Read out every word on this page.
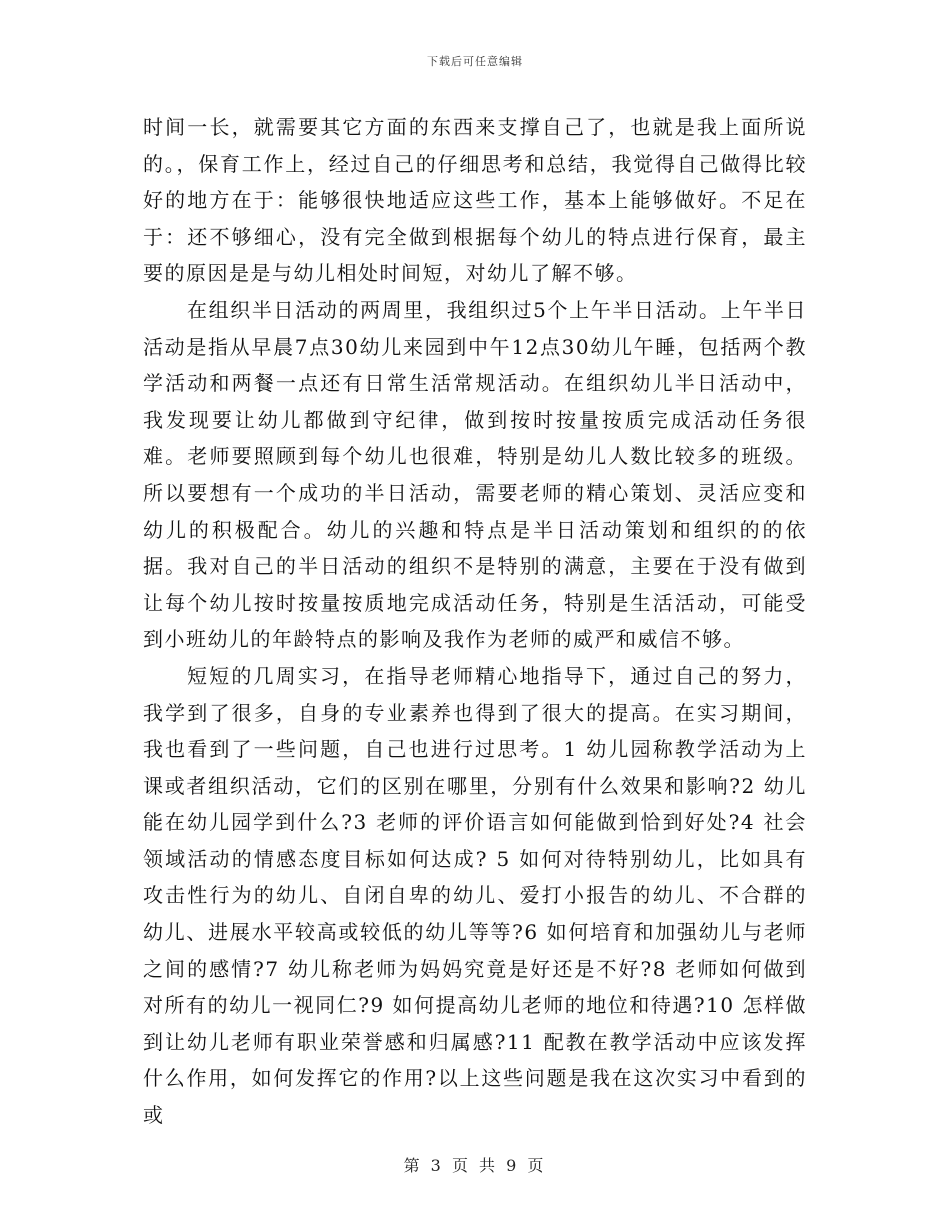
下载后可任意编辑

时间一长，就需要其它方面的东西来支撑自己了，也就是我上面所说的。，保育工作上，经过自己的仔细思考和总结，我觉得自己做得比较好的地方在于：能够很快地适应这些工作，基本上能够做好。不足在于：还不够细心，没有完全做到根据每个幼儿的特点进行保育，最主要的原因是是与幼儿相处时间短，对幼儿了解不够。

在组织半日活动的两周里，我组织过5个上午半日活动。上午半日活动是指从早晨7点30幼儿来园到中午12点30幼儿午睡，包括两个教学活动和两餐一点还有日常生活常规活动。在组织幼儿半日活动中，我发现要让幼儿都做到守纪律，做到按时按量按质完成活动任务很难。老师要照顾到每个幼儿也很难，特别是幼儿人数比较多的班级。所以要想有一个成功的半日活动，需要老师的精心策划、灵活应变和幼儿的积极配合。幼儿的兴趣和特点是半日活动策划和组织的的依据。我对自己的半日活动的组织不是特别的满意，主要在于没有做到让每个幼儿按时按量按质地完成活动任务，特别是生活活动，可能受到小班幼儿的年龄特点的影响及我作为老师的威严和威信不够。

短短的几周实习，在指导老师精心地指导下，通过自己的努力，我学到了很多，自身的专业素养也得到了很大的提高。在实习期间，我也看到了一些问题，自己也进行过思考。1 幼儿园称教学活动为上课或者组织活动，它们的区别在哪里，分别有什么效果和影响?2 幼儿能在幼儿园学到什么?3 老师的评价语言如何能做到恰到好处?4 社会领域活动的情感态度目标如何达成? 5 如何对待特别幼儿，比如具有攻击性行为的幼儿、自闭自卑的幼儿、爱打小报告的幼儿、不合群的幼儿、进展水平较高或较低的幼儿等等?6 如何培育和加强幼儿与老师之间的感情?7 幼儿称老师为妈妈究竟是好还是不好?8 老师如何做到对所有的幼儿一视同仁?9 如何提高幼儿老师的地位和待遇?10 怎样做到让幼儿老师有职业荣誉感和归属感?11 配教在教学活动中应该发挥什么作用，如何发挥它的作用?以上这些问题是我在这次实习中看到的或

第 3 页 共 9 页
